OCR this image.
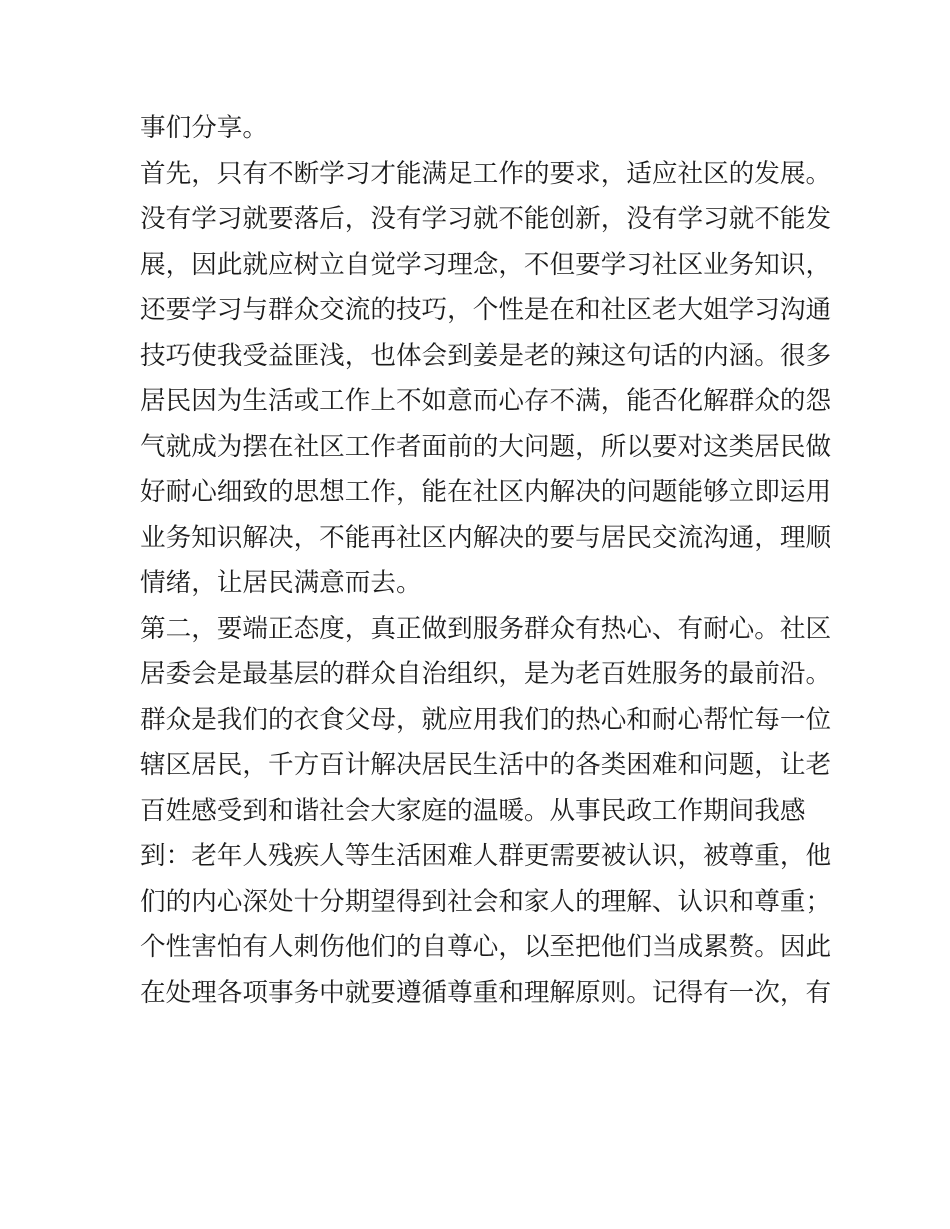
事们分享。
首先，只有不断学习才能满足工作的要求，适应社区的发展。
没有学习就要落后，没有学习就不能创新，没有学习就不能发
展，因此就应树立自觉学习理念，不但要学习社区业务知识，
还要学习与群众交流的技巧，个性是在和社区老大姐学习沟通
技巧使我受益匪浅，也体会到姜是老的辣这句话的内涵。很多
居民因为生活或工作上不如意而心存不满，能否化解群众的怨
气就成为摆在社区工作者面前的大问题，所以要对这类居民做
好耐心细致的思想工作，能在社区内解决的问题能够立即运用
业务知识解决，不能再社区内解决的要与居民交流沟通，理顺
情绪，让居民满意而去。
第二，要端正态度，真正做到服务群众有热心、有耐心。社区
居委会是最基层的群众自治组织，是为老百姓服务的最前沿。
群众是我们的衣食父母，就应用我们的热心和耐心帮忙每一位
辖区居民，千方百计解决居民生活中的各类困难和问题，让老
百姓感受到和谐社会大家庭的温暖。从事民政工作期间我感
到：老年人残疾人等生活困难人群更需要被认识，被尊重，他
们的内心深处十分期望得到社会和家人的理解、认识和尊重；
个性害怕有人刺伤他们的自尊心，以至把他们当成累赘。因此
在处理各项事务中就要遵循尊重和理解原则。记得有一次，有
